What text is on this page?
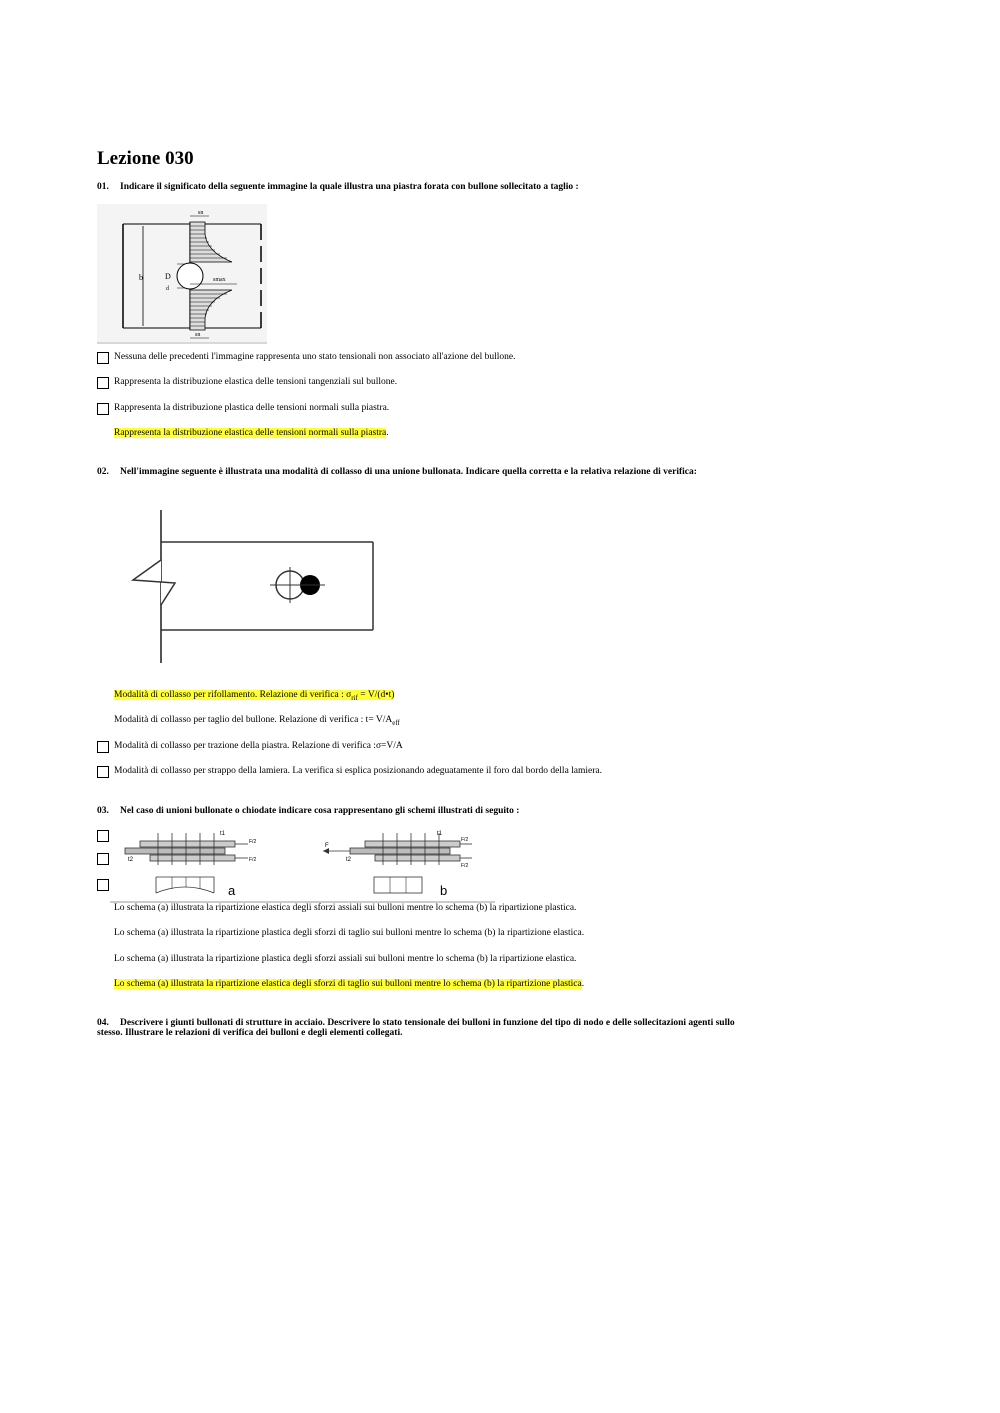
Lezione 030
01. Indicare il significato della seguente immagine la quale illustra una piastra forata con bullone sollecitato a taglio :
b	D
d
sn
smax
sn
Nessuna delle precedenti l'immagine rappresenta uno stato tensionali non associato all'azione del bullone.
Rappresenta la distribuzione elastica delle tensioni tangenziali sul bullone.
Rappresenta la distribuzione plastica delle tensioni normali sulla piastra.
Rappresenta la distribuzione elastica delle tensioni normali sulla piastra.
02. Nell'immagine seguente è illustrata una modalità di collasso di una unione bullonata. Indicare quella corretta e la relativa relazione di verifica:
Modalità di collasso per rifollamento. Relazione di verifica : $\sigma_{rif}$ = V/(d•t)
Modalità di collasso per taglio del bullone. Relazione di verifica : $t= V/A_{eff}$
Modalità di collasso per trazione della piastra. Relazione di verifica :σ=V/A
Modalità di collasso per strappo della lamiera. La verifica si esplica posizionando adeguatamente il foro dal bordo della lamiera.
03. Nel caso di unioni bullonate o chiodate indicare cosa rappresentano gli schemi illustrati di seguito :
F/2
F/2
t1
t2
a
F
F/2
F/2
t1
t2
b
Lo schema (a) illustrata la ripartizione elastica degli sforzi assiali sui bulloni mentre lo schema (b) la ripartizione plastica.
Lo schema (a) illustrata la ripartizione plastica degli sforzi di taglio sui bulloni mentre lo schema (b) la ripartizione elastica.
Lo schema (a) illustrata la ripartizione plastica degli sforzi assiali sui bulloni mentre lo schema (b) la ripartizione elastica.
Lo schema (a) illustrata la ripartizione elastica degli sforzi di taglio sui bulloni mentre lo schema (b) la ripartizione plastica.
04. Descrivere i giunti bullonati di strutture in acciaio. Descrivere lo stato tensionale dei bulloni in funzione del tipo di nodo e delle sollecitazioni agenti sullo
stesso. Illustrare le relazioni di verifica dei bulloni e degli elementi collegati.
